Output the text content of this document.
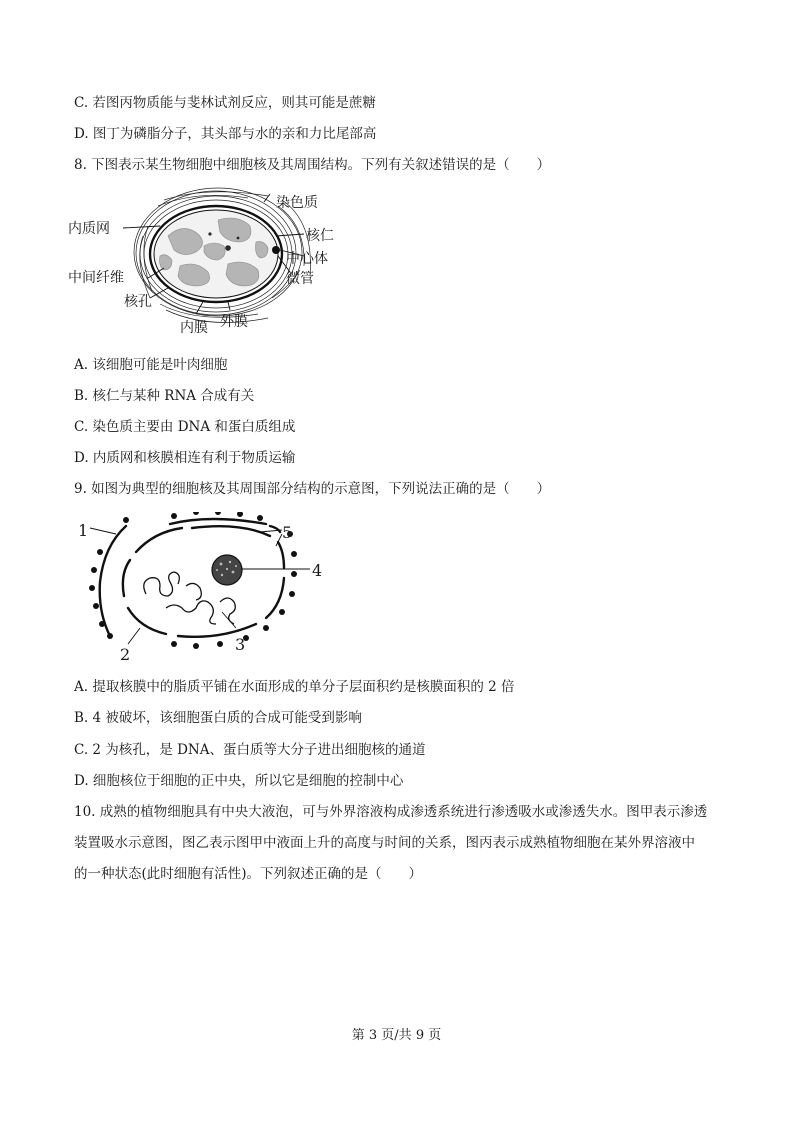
C. 若图丙物质能与斐林试剂反应，则其可能是蔗糖
D. 图丁为磷脂分子，其头部与水的亲和力比尾部高
8. 下图表示某生物细胞中细胞核及其周围结构。下列有关叙述错误的是（　　）
染色质
内质网	核仁
中心体
微管
中间纤维
核孔
内膜 外膜
A. 该细胞可能是叶肉细胞
B. 核仁与某种 RNA 合成有关
C. 染色质主要由 DNA 和蛋白质组成
D. 内质网和核膜相连有利于物质运输
9. 如图为典型的细胞核及其周围部分结构的示意图，下列说法正确的是（　　）
1
2
3
4
5
A. 提取核膜中的脂质平铺在水面形成的单分子层面积约是核膜面积的 2 倍
B. 4 被破坏，该细胞蛋白质的合成可能受到影响
C. 2 为核孔，是 DNA、蛋白质等大分子进出细胞核的通道
D. 细胞核位于细胞的正中央，所以它是细胞的控制中心
10. 成熟的植物细胞具有中央大液泡，可与外界溶液构成渗透系统进行渗透吸水或渗透失水。图甲表示渗透
装置吸水示意图，图乙表示图甲中液面上升的高度与时间的关系，图丙表示成熟植物细胞在某外界溶液中
的一种状态(此时细胞有活性)。下列叙述正确的是（　　）
第 3 页/共 9 页
